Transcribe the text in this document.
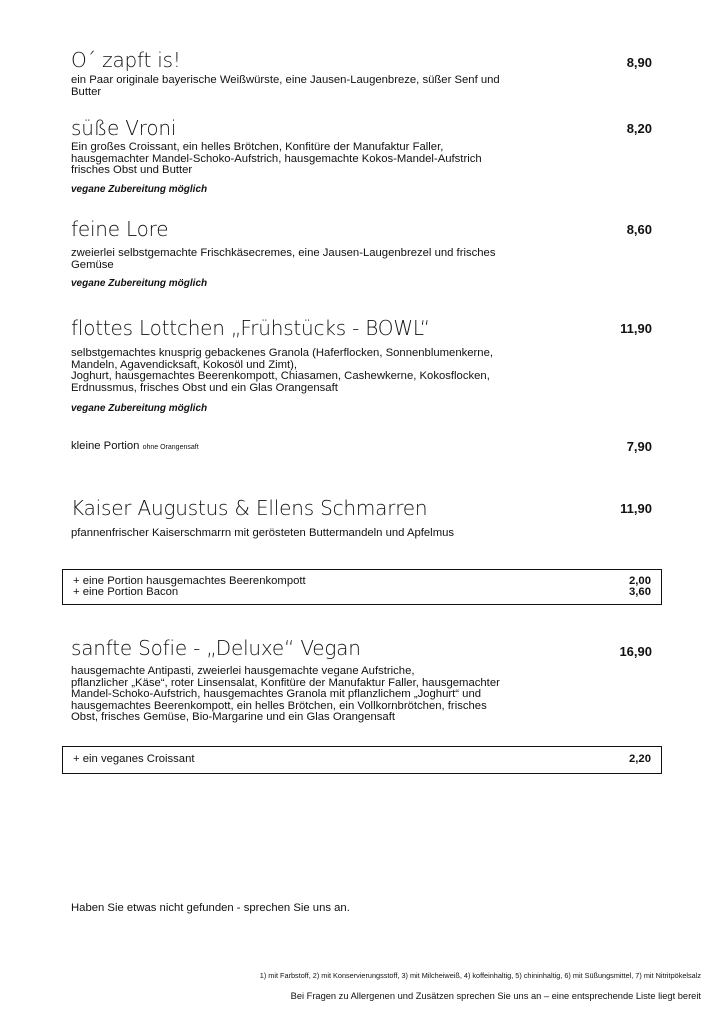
O´ zapft is!	8,90
ein Paar originale bayerische Weißwürste, eine Jausen-Laugenbreze, süßer Senf und
Butter
süße Vroni	8,20
Ein großes Croissant, ein helles Brötchen, Konfitüre der Manufaktur Faller,
hausgemachter Mandel-Schoko-Aufstrich, hausgemachte Kokos-Mandel-Aufstrich
frisches Obst und Butter
vegane Zubereitung möglich
feine Lore	8,60
zweierlei selbstgemachte Frischkäsecremes, eine Jausen-Laugenbrezel und frisches
Gemüse
vegane Zubereitung möglich
flottes Lottchen „Frühstücks - BOWL“	11,90
selbstgemachtes knusprig gebackenes Granola (Haferflocken, Sonnenblumenkerne,
Mandeln, Agavendicksaft, Kokosöl und Zimt),
Joghurt, hausgemachtes Beerenkompott, Chiasamen, Cashewkerne, Kokosflocken,
Erdnussmus, frisches Obst und ein Glas Orangensaft
vegane Zubereitung möglich
kleine Portion ohne Orangensaft	7,90
Kaiser Augustus & Ellens Schmarren	11,90
pfannenfrischer Kaiserschmarrn mit gerösteten Buttermandeln und Apfelmus
+ eine Portion hausgemachtes Beerenkompott	2,00
+ eine Portion Bacon	3,60
sanfte Sofie - „Deluxe“ Vegan	16,90
hausgemachte Antipasti, zweierlei hausgemachte vegane Aufstriche,
pflanzlicher „Käse“, roter Linsensalat, Konfitüre der Manufaktur Faller, hausgemachter
Mandel-Schoko-Aufstrich, hausgemachtes Granola mit pflanzlichem „Joghurt“ und
hausgemachtes Beerenkompott, ein helles Brötchen, ein Vollkornbrötchen, frisches
Obst, frisches Gemüse, Bio-Margarine und ein Glas Orangensaft
+ ein veganes Croissant	2,20
Haben Sie etwas nicht gefunden - sprechen Sie uns an.
1) mit Farbstoff, 2) mit Konservierungsstoff, 3) mit Milcheiweiß, 4) koffeinhaltig, 5) chininhaltig, 6) mit Süßungsmittel, 7) mit Nitritpökelsalz
Bei Fragen zu Allergenen und Zusätzen sprechen Sie uns an – eine entsprechende Liste liegt bereit
